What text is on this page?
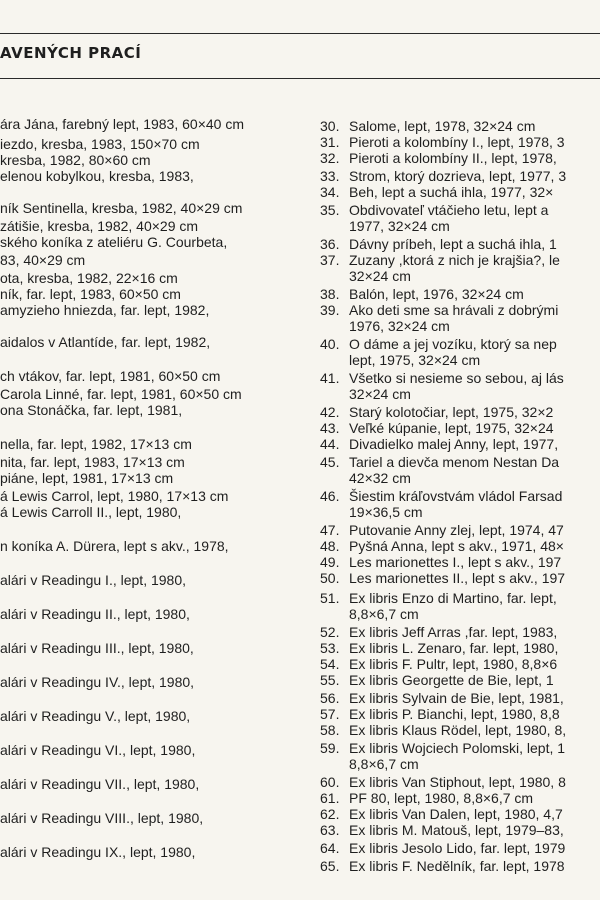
AVENÝCH PRACÍ
ára Jána, farebný lept, 1983, 60×40 cm
iezdo, kresba, 1983, 150×70 cm
kresba, 1982, 80×60 cm
elenou kobylkou, kresba, 1983,
ník Sentinella, kresba, 1982, 40×29 cm
zátišie, kresba, 1982, 40×29 cm
ského koníka z ateliéru G. Courbeta,
83, 40×29 cm
ota, kresba, 1982, 22×16 cm
ník, far. lept, 1983, 60×50 cm
amyzieho hniezda, far. lept, 1982,
aidalos v Atlantíde, far. lept, 1982,
ch vtákov, far. lept, 1981, 60×50 cm
Carola Linné, far. lept, 1981, 60×50 cm
ona Stonáčka, far. lept, 1981,
nella, far. lept, 1982, 17×13 cm
nita, far. lept, 1983, 17×13 cm
piáne, lept, 1981, 17×13 cm
á Lewis Carrol, lept, 1980, 17×13 cm
á Lewis Carroll II., lept, 1980,
n koníka A. Dürera, lept s akv., 1978,
alári v Readingu I., lept, 1980,
alári v Readingu II., lept, 1980,
alári v Readingu III., lept, 1980,
alári v Readingu IV., lept, 1980,
alári v Readingu V., lept, 1980,
alári v Readingu VI., lept, 1980,
alári v Readingu VII., lept, 1980,
alári v Readingu VIII., lept, 1980,
alári v Readingu IX., lept, 1980,
30. Salome, lept, 1978, 32×24 cm
31. Pieroti a kolombíny I., lept, 1978, 3
32. Pieroti a kolombíny II., lept, 1978,
33. Strom, ktorý dozrieva, lept, 1977, 3
34. Beh, lept a suchá ihla, 1977, 32×
35. Obdivovateľ vtáčieho letu, lept a
1977, 32×24 cm
36. Dávny príbeh, lept a suchá ihla, 1
37. Zuzany ,ktorá z nich je krajšia?, le
32×24 cm
38. Balón, lept, 1976, 32×24 cm
39. Ako deti sme sa hrávali z dobrými
1976, 32×24 cm
40. O dáme a jej vozíku, ktorý sa nep
lept, 1975, 32×24 cm
41. Všetko si nesieme so sebou, aj lás
32×24 cm
42. Starý kolotočiar, lept, 1975, 32×2
43. Veľké kúpanie, lept, 1975, 32×24
44. Divadielko malej Anny, lept, 1977,
45. Tariel a dievča menom Nestan Da
42×32 cm
46. Šiestim kráľovstvám vládol Farsad
19×36,5 cm
47. Putovanie Anny zlej, lept, 1974, 47
48. Pyšná Anna, lept s akv., 1971, 48×
49. Les marionettes I., lept s akv., 197
50. Les marionettes II., lept s akv., 197
51. Ex libris Enzo di Martino, far. lept,
8,8×6,7 cm
52. Ex libris Jeff Arras ,far. lept, 1983,
53. Ex libris L. Zenaro, far. lept, 1980,
54. Ex libris F. Pultr, lept, 1980, 8,8×6
55. Ex libris Georgette de Bie, lept, 1
56. Ex libris Sylvain de Bie, lept, 1981,
57. Ex libris P. Bianchi, lept, 1980, 8,8
58. Ex libris Klaus Rödel, lept, 1980, 8,
59. Ex libris Wojciech Polomski, lept, 1
8,8×6,7 cm
60. Ex libris Van Stiphout, lept, 1980, 8
61. PF 80, lept, 1980, 8,8×6,7 cm
62. Ex libris Van Dalen, lept, 1980, 4,7
63. Ex libris M. Matouš, lept, 1979–83,
64. Ex libris Jesolo Lido, far. lept, 1979
65. Ex libris F. Nedělník, far. lept, 1978
